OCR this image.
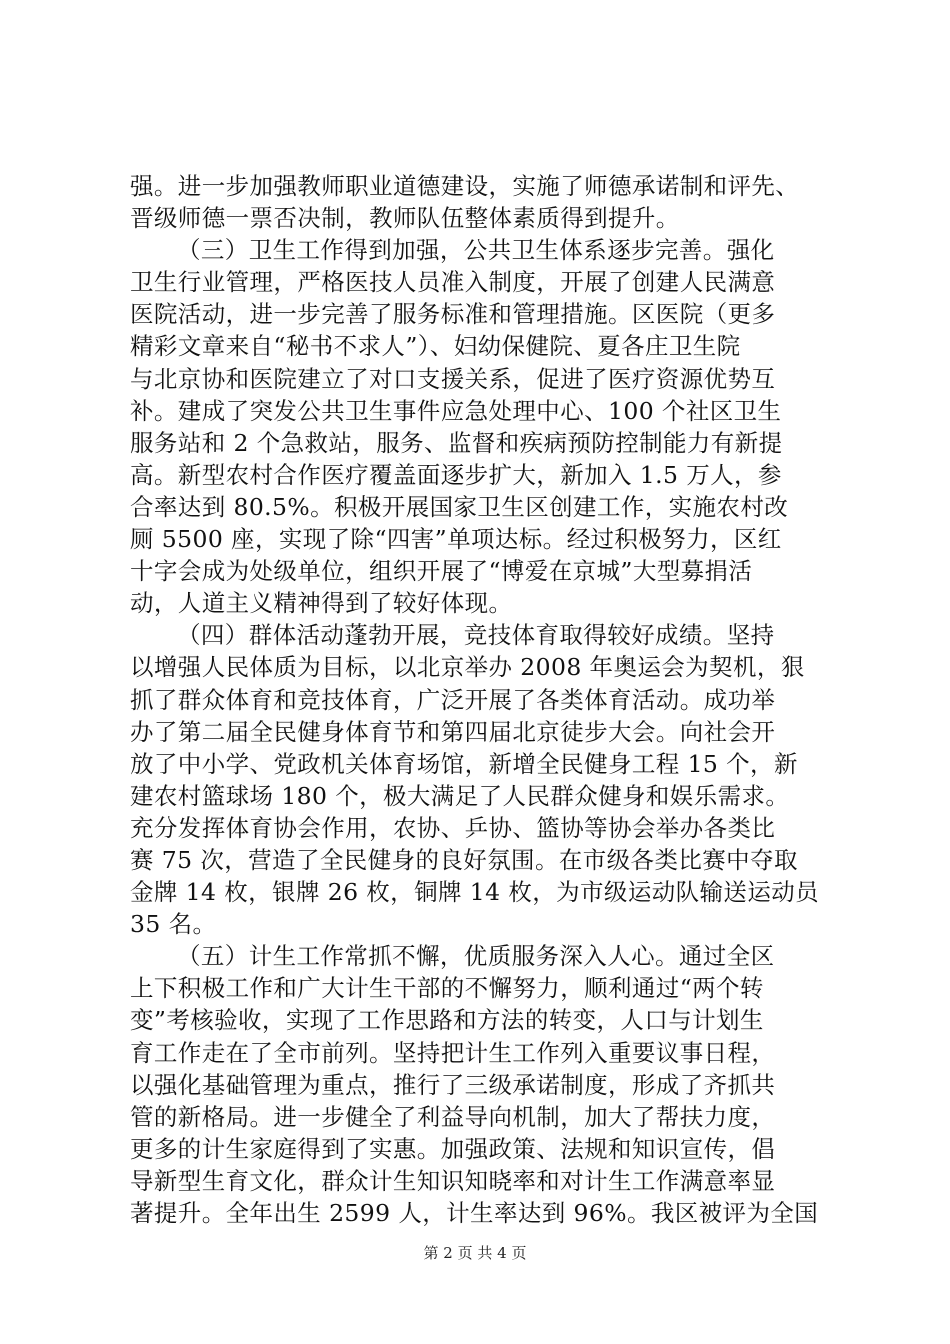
强。进一步加强教师职业道德建设，实施了师德承诺制和评先、
晋级师德一票否决制，教师队伍整体素质得到提升。
（三）卫生工作得到加强，公共卫生体系逐步完善。强化
卫生行业管理，严格医技人员准入制度，开展了创建人民满意
医院活动，进一步完善了服务标准和管理措施。区医院（更多
精彩文章来自“秘书不求人”）、妇幼保健院、夏各庄卫生院
与北京协和医院建立了对口支援关系，促进了医疗资源优势互
补。建成了突发公共卫生事件应急处理中心、100 个社区卫生
服务站和 2 个急救站，服务、监督和疾病预防控制能力有新提
高。新型农村合作医疗覆盖面逐步扩大，新加入 1.5 万人，参
合率达到 80.5%。积极开展国家卫生区创建工作，实施农村改
厕 5500 座，实现了除“四害”单项达标。经过积极努力，区红
十字会成为处级单位，组织开展了“博爱在京城”大型募捐活
动，人道主义精神得到了较好体现。
（四）群体活动蓬勃开展，竞技体育取得较好成绩。坚持
以增强人民体质为目标，以北京举办 2008 年奥运会为契机，狠
抓了群众体育和竞技体育，广泛开展了各类体育活动。成功举
办了第二届全民健身体育节和第四届北京徒步大会。向社会开
放了中小学、党政机关体育场馆，新增全民健身工程 15 个，新
建农村篮球场 180 个，极大满足了人民群众健身和娱乐需求。
充分发挥体育协会作用，农协、乒协、篮协等协会举办各类比
赛 75 次，营造了全民健身的良好氛围。在市级各类比赛中夺取
金牌 14 枚，银牌 26 枚，铜牌 14 枚，为市级运动队输送运动员
35 名。
（五）计生工作常抓不懈，优质服务深入人心。通过全区
上下积极工作和广大计生干部的不懈努力，顺利通过“两个转
变”考核验收，实现了工作思路和方法的转变，人口与计划生
育工作走在了全市前列。坚持把计生工作列入重要议事日程，
以强化基础管理为重点，推行了三级承诺制度，形成了齐抓共
管的新格局。进一步健全了利益导向机制，加大了帮扶力度，
更多的计生家庭得到了实惠。加强政策、法规和知识宣传，倡
导新型生育文化，群众计生知识知晓率和对计生工作满意率显
著提升。全年出生 2599 人，计生率达到 96%。我区被评为全国
第 2 页 共 4 页
